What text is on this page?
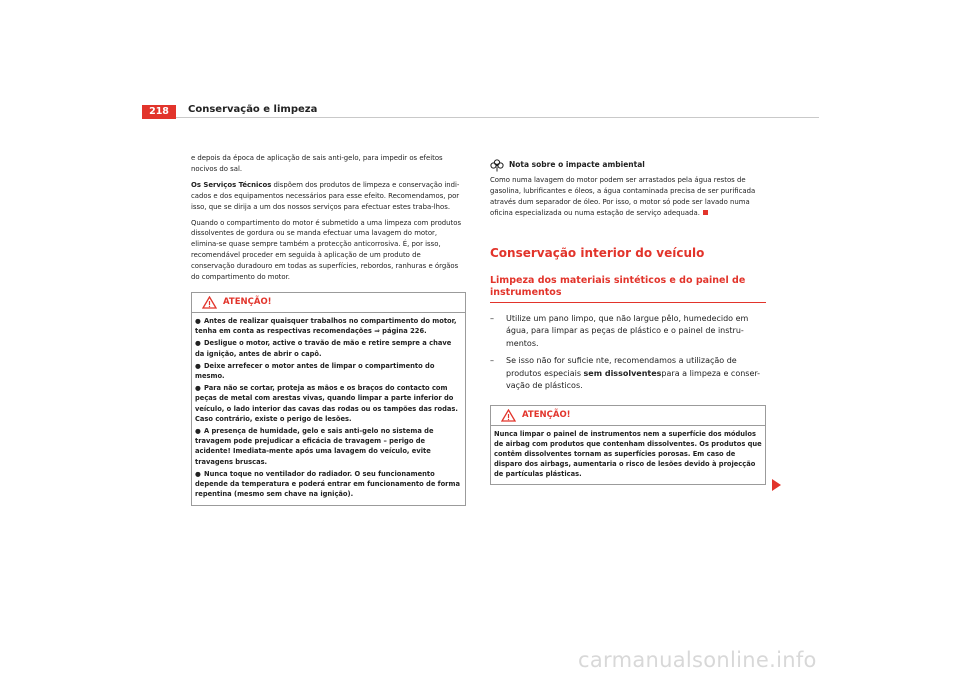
218	Conservação e limpeza

e depois da época de aplicação de sais anti-gelo, para impedir os efeitos nocivos do sal.

Os Serviços Técnicos dispõem dos produtos de limpeza e conservação indi-cados e dos equipamentos necessários para esse efeito. Recomendamos, por isso, que se dirija a um dos nossos serviços para efectuar estes traba-lhos.

Quando o compartimento do motor é submetido a uma limpeza com produtos dissolventes de gordura ou se manda efectuar uma lavagem do motor, elimina-se quase sempre também a protecção anticorrosiva. É, por isso, recomendável proceder em seguida à aplicação de um produto de conservação duradouro em todas as superfícies, rebordos, ranhuras e órgãos do compartimento do motor.

ATENÇÃO!
● Antes de realizar quaisquer trabalhos no compartimento do motor, tenha em conta as respectivas recomendações ⇒ página 226.
● Desligue o motor, active o travão de mão e retire sempre a chave da ignição, antes de abrir o capô.
● Deixe arrefecer o motor antes de limpar o compartimento do mesmo.
● Para não se cortar, proteja as mãos e os braços do contacto com peças de metal com arestas vivas, quando limpar a parte inferior do veículo, o lado interior das cavas das rodas ou os tampões das rodas. Caso contrário, existe o perigo de lesões.
● A presença de humidade, gelo e sais anti-gelo no sistema de travagem pode prejudicar a eficácia de travagem – perigo de acidente! Imediata-mente após uma lavagem do veículo, evite travagens bruscas.
● Nunca toque no ventilador do radiador. O seu funcionamento depende da temperatura e poderá entrar em funcionamento de forma repentina (mesmo sem chave na ignição).
Nota sobre o impacte ambiental

Como numa lavagem do motor podem ser arrastados pela água restos de gasolina, lubrificantes e óleos, a água contaminada precisa de ser purificada através dum separador de óleo. Por isso, o motor só pode ser lavado numa oficina especializada ou numa estação de serviço adequada.

Conservação interior do veículo
Limpeza dos materiais sintéticos e do painel de instrumentos
–	Utilize um pano limpo, que não largue pêlo, humedecido em água, para limpar as peças de plástico e o painel de instru-mentos.
–	Se isso não for suficie nte, recomendamos a utilização de produtos especiais sem dissolventespara a limpeza e conser-vação de plásticos.
ATENÇÃO!
Nunca limpar o painel de instrumentos nem a superfície dos módulos de airbag com produtos que contenham dissolventes. Os produtos que contêm dissolventes tornam as superfícies porosas. Em caso de disparo dos airbags, aumentaria o risco de lesões devido à projecção de partículas plásticas.
carmanualsonline.info
